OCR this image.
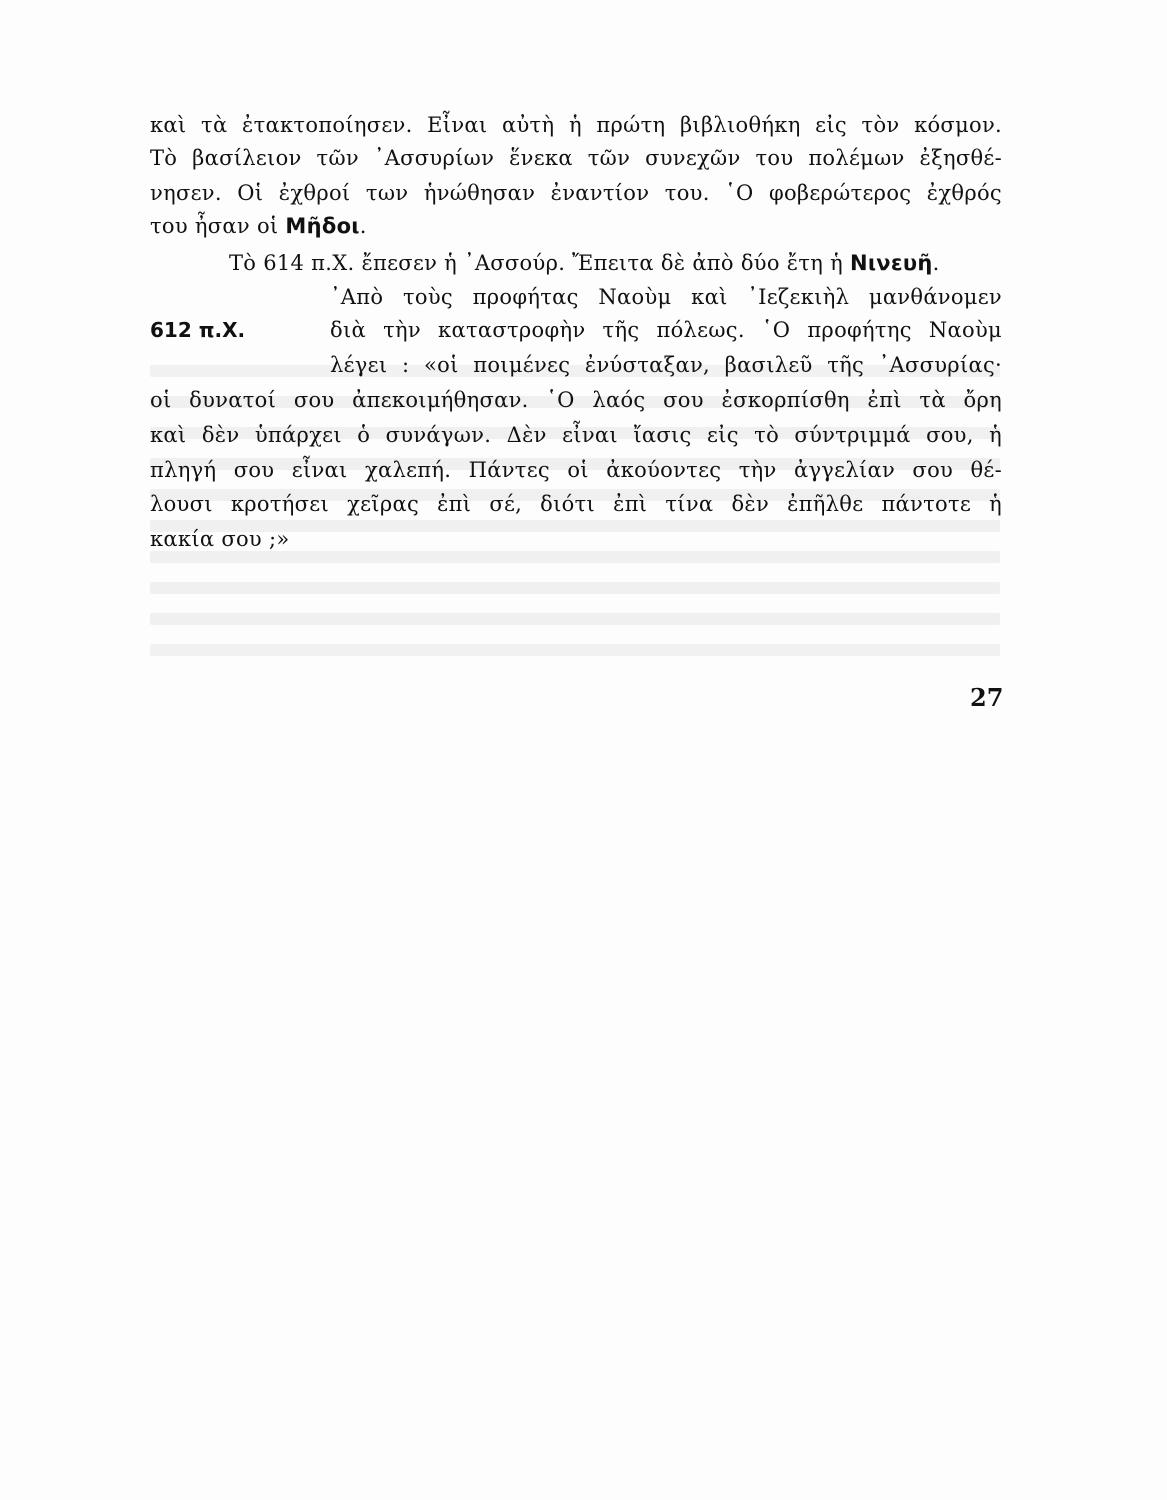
καὶ τὰ ἐτακτοποίησεν. Εἶναι αὐτὴ ἡ πρώτη βιβλιοθήκη εἰς τὸν κόσμον.
Τὸ βασίλειον τῶν ᾿Ασσυρίων ἕνεκα τῶν συνεχῶν του πολέμων ἐξησθέ-
νησεν. Οἱ ἐχθροί των ἡνώθησαν ἐναντίον του. ῾Ο φοβερώτερος ἐχθρός
του ἦσαν οἱ Μῆδοι.
Τὸ 614 π.Χ. ἔπεσεν ἡ ᾿Ασσούρ. Ἔπειτα δὲ ἀπὸ δύο ἔτη ἡ Νινευῆ.
᾿Απὸ τοὺς προφήτας Ναοὺμ καὶ ᾿Ιεζεκιὴλ μανθάνομεν
612 π.Χ.	διὰ τὴν καταστροφὴν τῆς πόλεως. ῾Ο προφήτης Ναοὺμ
λέγει : «οἱ ποιμένες ἐνύσταξαν, βασιλεῦ τῆς ᾿Ασσυρίας·
οἱ δυνατοί σου ἀπεκοιμήθησαν. ῾Ο λαός σου ἐσκορπίσθη ἐπὶ τὰ ὄρη
καὶ δὲν ὑπάρχει ὁ συνάγων. Δὲν εἶναι ἴασις εἰς τὸ σύντριμμά σου, ἡ
πληγή σου εἶναι χαλεπή. Πάντες οἱ ἀκούοντες τὴν ἀγγελίαν σου θέ-
λουσι κροτήσει χεῖρας ἐπὶ σέ, διότι ἐπὶ τίνα δὲν ἐπῆλθε πάντοτε ἡ
κακία σου ;»
27
